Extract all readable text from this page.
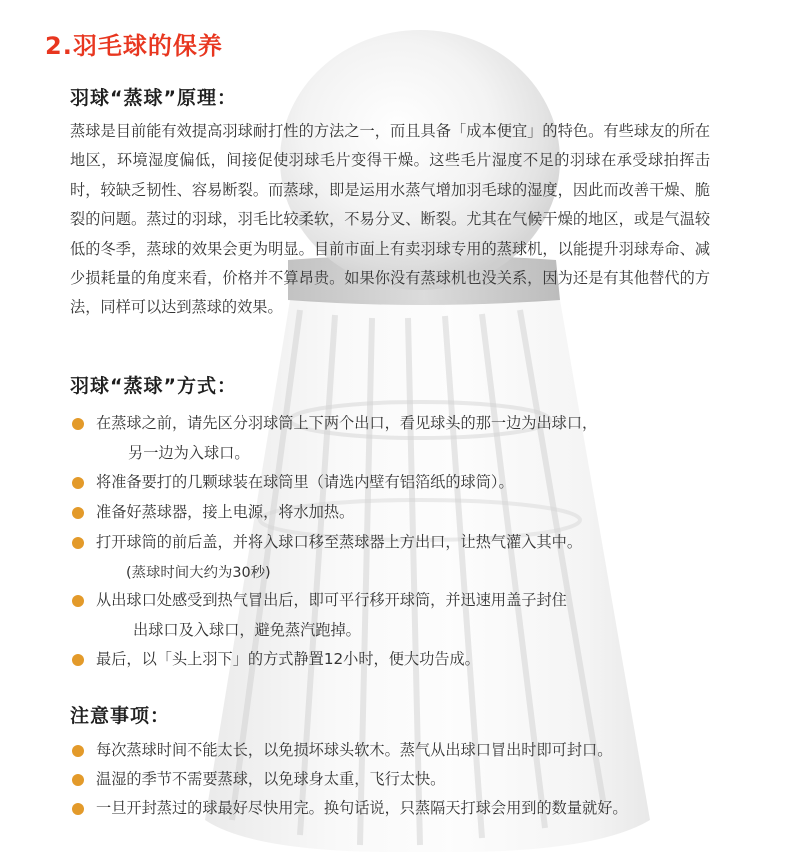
2.羽毛球的保养
羽球“蒸球”原理：
蒸球是目前能有效提高羽球耐打性的方法之一，而且具备「成本便宜」的特色。有些球友的所在地区，环境湿度偏低，间接促使羽球毛片变得干燥。这些毛片湿度不足的羽球在承受球拍挥击时，较缺乏韧性、容易断裂。而蒸球，即是运用水蒸气增加羽毛球的湿度，因此而改善干燥、脆裂的问题。蒸过的羽球，羽毛比较柔软，不易分叉、断裂。尤其在气候干燥的地区，或是气温较低的冬季，蒸球的效果会更为明显。目前市面上有卖羽球专用的蒸球机，以能提升羽球寿命、减少损耗量的角度来看，价格并不算昂贵。如果你没有蒸球机也没关系，因为还是有其他替代的方法，同样可以达到蒸球的效果。
羽球“蒸球”方式：
在蒸球之前，请先区分羽球筒上下两个出口，看见球头的那一边为出球口，
另一边为入球口。
将准备要打的几颗球装在球筒里（请选内壁有铝箔纸的球筒）。
准备好蒸球器，接上电源，将水加热。
打开球筒的前后盖，并将入球口移至蒸球器上方出口，让热气灌入其中。
(蒸球时间大约为30秒)
从出球口处感受到热气冒出后，即可平行移开球筒，并迅速用盖子封住
出球口及入球口，避免蒸汽跑掉。
最后，以「头上羽下」的方式静置12小时，便大功告成。
注意事项：
每次蒸球时间不能太长，以免损坏球头软木。蒸气从出球口冒出时即可封口。
温湿的季节不需要蒸球，以免球身太重，飞行太快。
一旦开封蒸过的球最好尽快用完。换句话说，只蒸隔天打球会用到的数量就好。
